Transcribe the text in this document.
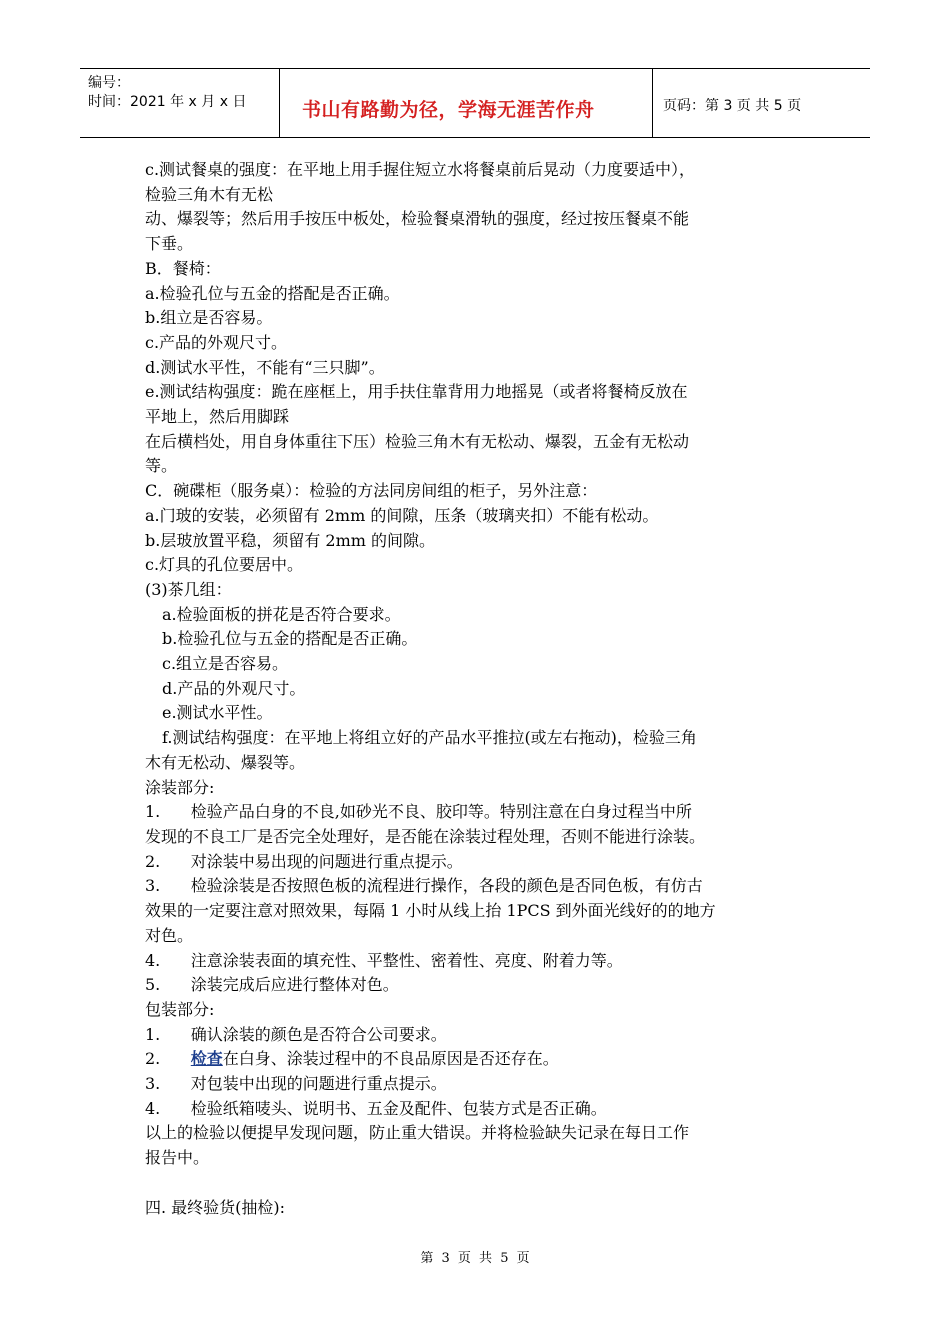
编号：
时间：2021 年 x 月 x 日	书山有路勤为径，学海无涯苦作舟	页码：第 3 页 共 5 页

c.测试餐桌的强度：在平地上用手握住短立水将餐桌前后晃动（力度要适中），

检验三角木有无松

动、爆裂等；然后用手按压中板处，检验餐桌滑轨的强度，经过按压餐桌不能

下垂。

B．餐椅：

a.检验孔位与五金的搭配是否正确。

b.组立是否容易。

c.产品的外观尺寸。

d.测试水平性，不能有“三只脚”。

e.测试结构强度：跪在座框上，用手扶住靠背用力地摇晃（或者将餐椅反放在

平地上，然后用脚踩

在后横档处，用自身体重往下压）检验三角木有无松动、爆裂，五金有无松动

等。

C．碗碟柜（服务桌）：检验的方法同房间组的柜子，另外注意：

a.门玻的安装，必须留有 2mm 的间隙，压条（玻璃夹扣）不能有松动。

b.层玻放置平稳，须留有 2mm 的间隙。

c.灯具的孔位要居中。

(3)茶几组：

a.检验面板的拼花是否符合要求。

b.检验孔位与五金的搭配是否正确。

c.组立是否容易。

d.产品的外观尺寸。

e.测试水平性。

f.测试结构强度：在平地上将组立好的产品水平推拉(或左右拖动)，检验三角

木有无松动、爆裂等。

涂装部分:

1.      检验产品白身的不良,如砂光不良、胶印等。特别注意在白身过程当中所

发现的不良工厂是否完全处理好，是否能在涂装过程处理，否则不能进行涂装。

2.      对涂装中易出现的问题进行重点提示。

3.      检验涂装是否按照色板的流程进行操作，各段的颜色是否同色板，有仿古

效果的一定要注意对照效果，每隔 1 小时从线上抬 1PCS 到外面光线好的的地方

对色。

4.      注意涂装表面的填充性、平整性、密着性、亮度、附着力等。

5.      涂装完成后应进行整体对色。

包装部分:

1.      确认涂装的颜色是否符合公司要求。

2.      检查在白身、涂装过程中的不良品原因是否还存在。

3.      对包装中出现的问题进行重点提示。

4.      检验纸箱唛头、说明书、五金及配件、包装方式是否正确。

以上的检验以便提早发现问题，防止重大错误。并将检验缺失记录在每日工作

报告中。

四. 最终验货(抽检):

第 3 页 共 5 页
